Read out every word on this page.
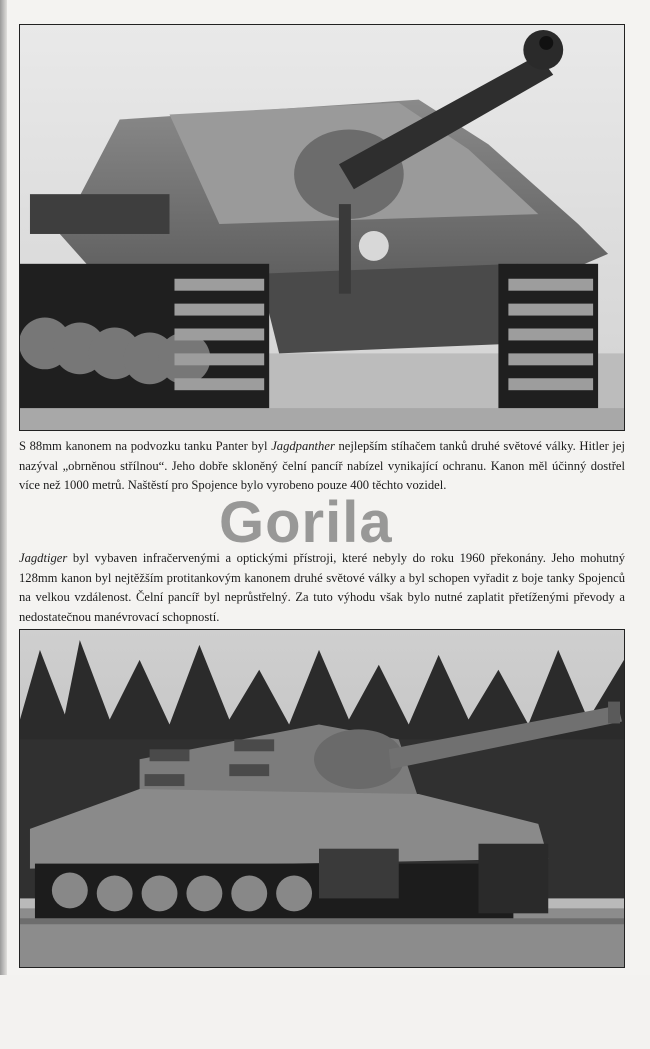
S 88mm kanonem na podvozku tanku Panter byl Jagdpanther nejlepším stíhačem tanků druhé světové války. Hitler jej nazýval „obrněnou střílnou“. Jeho dobře skloněný čelní pancíř nabízel vynikající ochranu. Kanon měl účinný dostřel více než 1000 metrů. Naštěstí pro Spojence bylo vyrobeno pouze 400 těchto vozidel.

Gorila

Jagdtiger byl vybaven infračervenými a optickými přístroji, které nebyly do roku 1960 překonány. Jeho mohutný 128mm kanon byl nejtěžším protitankovým kanonem druhé světové války a byl schopen vyřadit z boje tanky Spojenců na velkou vzdálenost. Čelní pancíř byl neprůstřelný. Za tuto výhodu však bylo nutné zaplatit přetíženými převody a nedostatečnou manévrovací schopností.
